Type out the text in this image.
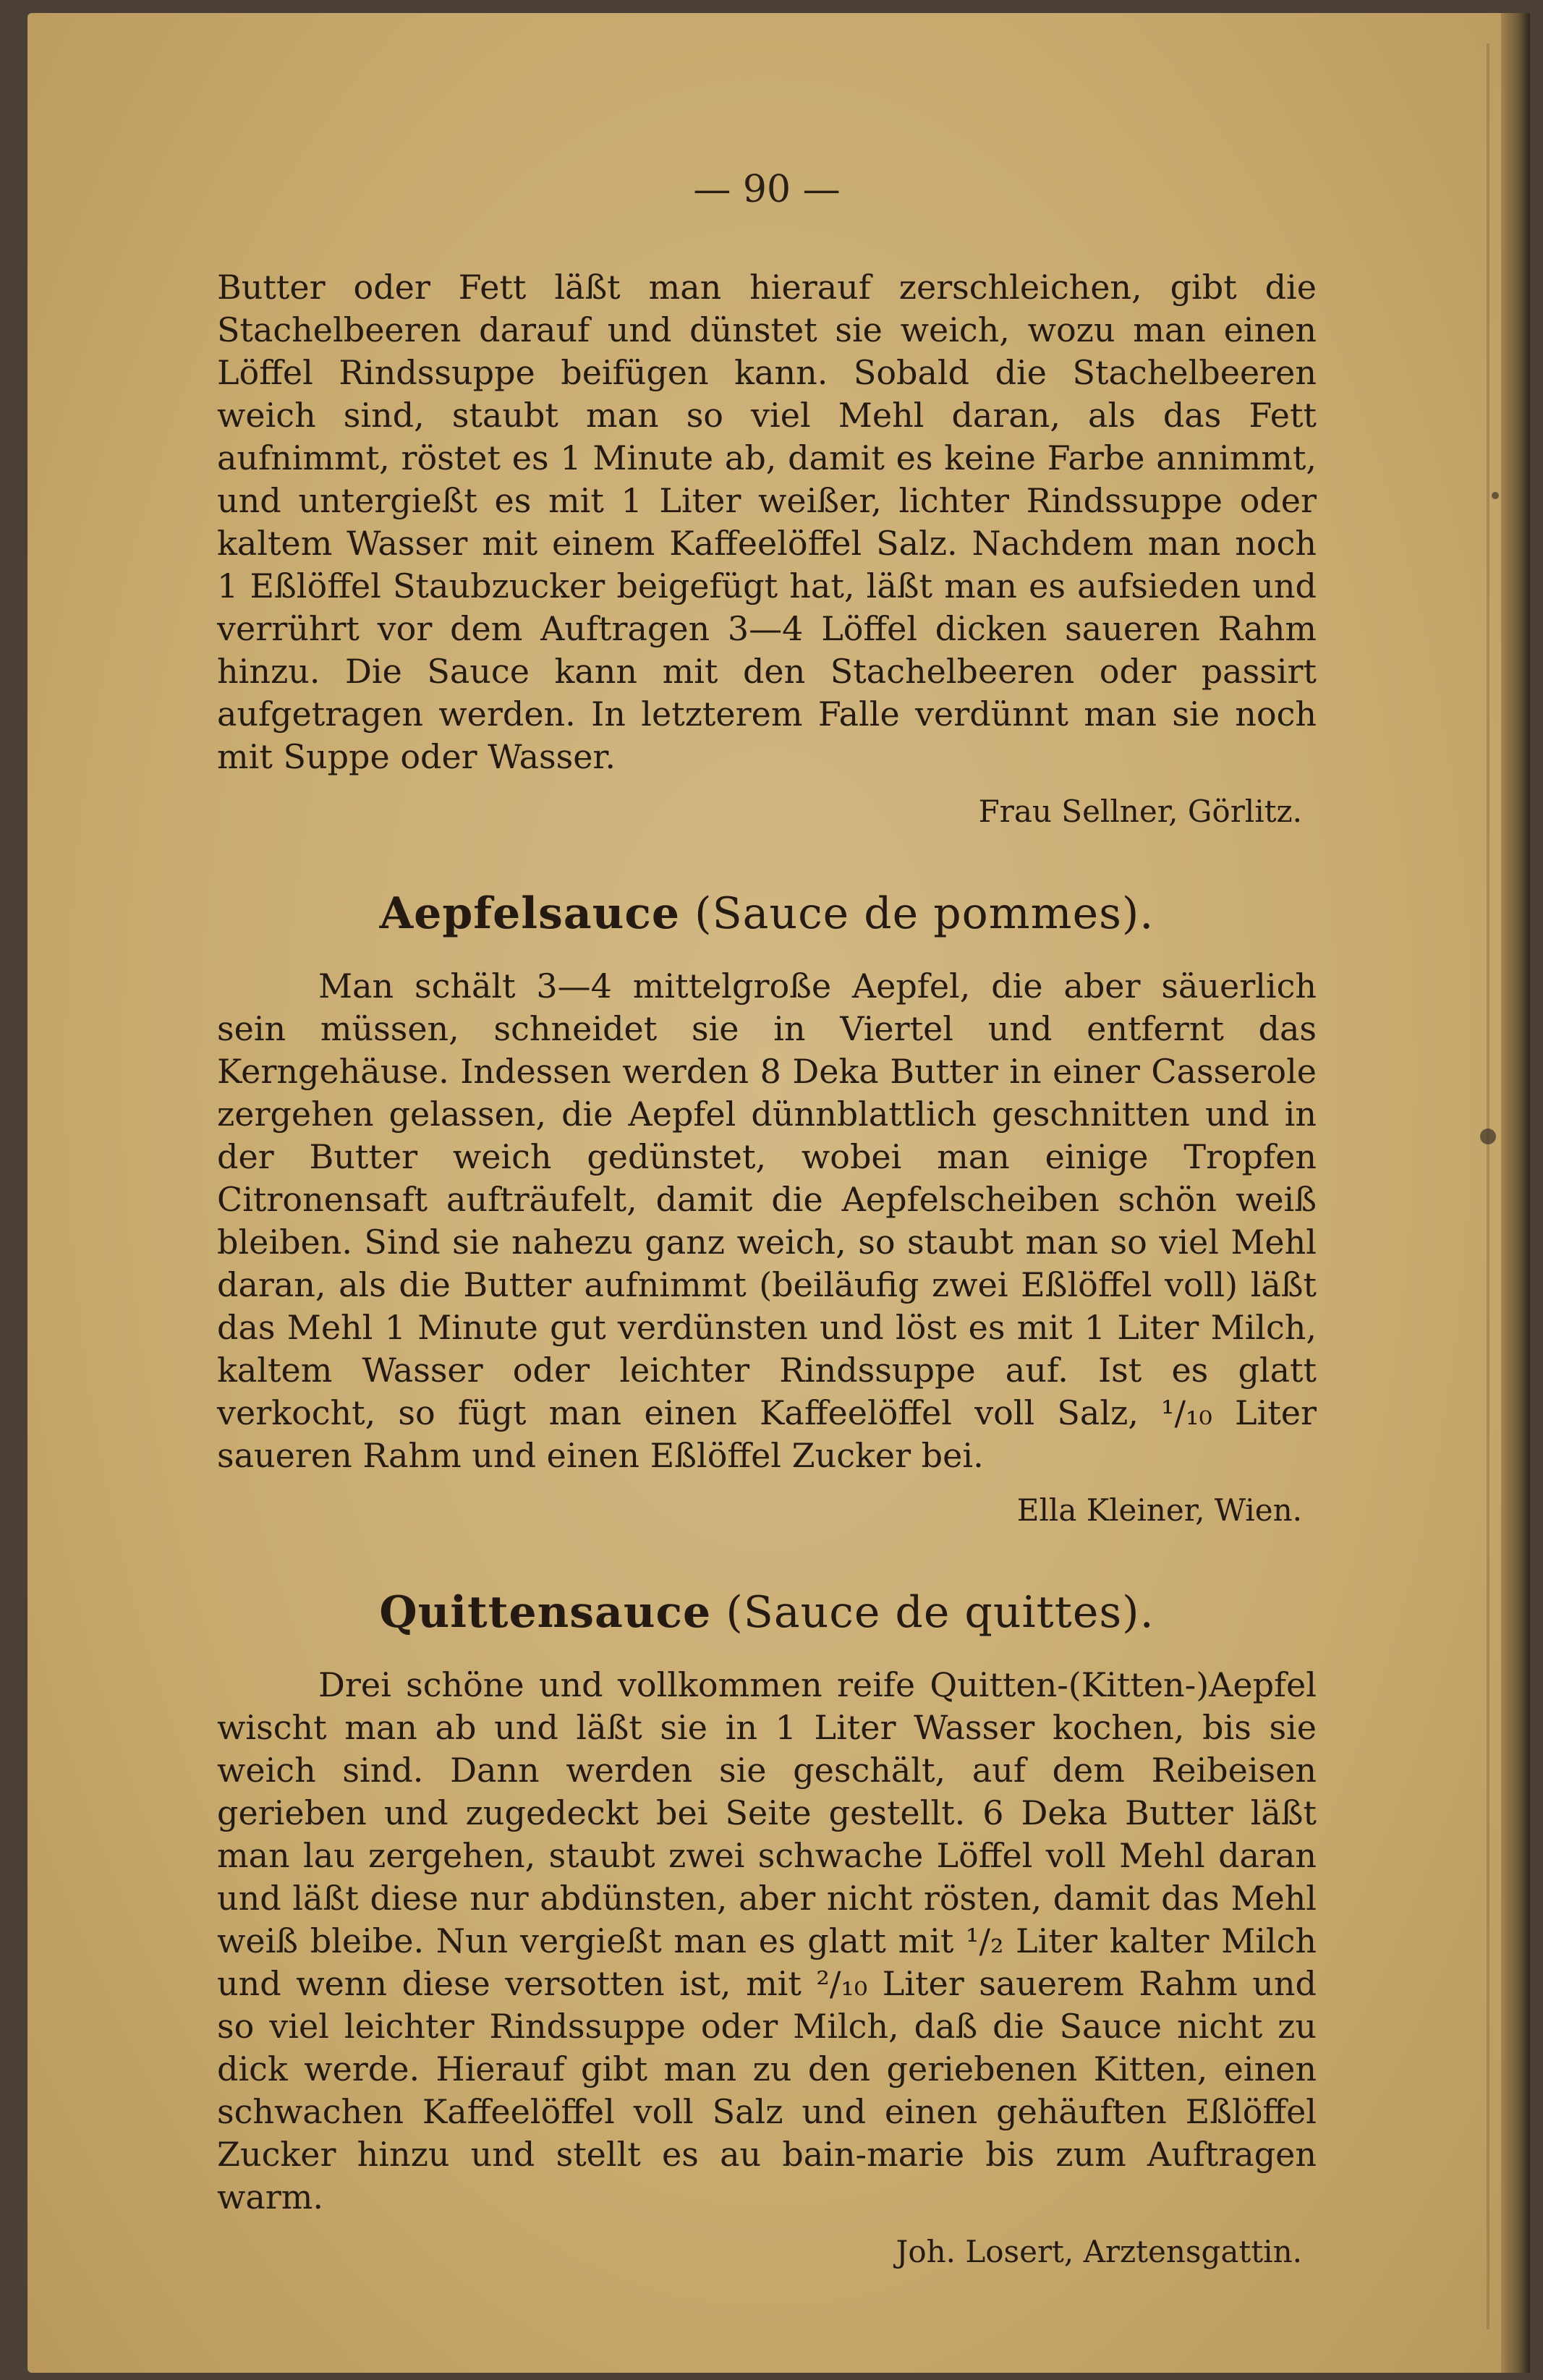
— 90 —

Butter oder Fett läßt man hierauf zerschleichen, gibt die Stachelbeeren darauf und dünstet sie weich, wozu man einen Löffel Rindssuppe beifügen kann. Sobald die Stachelbeeren weich sind, staubt man so viel Mehl daran, als das Fett aufnimmt, röstet es 1 Minute ab, damit es keine Farbe annimmt, und untergießt es mit 1 Liter weißer, lichter Rindssuppe oder kaltem Wasser mit einem Kaffeelöffel Salz. Nachdem man noch 1 Eßlöffel Staubzucker beigefügt hat, läßt man es aufsieden und verrührt vor dem Auftragen 3—4 Löffel dicken saueren Rahm hinzu. Die Sauce kann mit den Stachelbeeren oder passirt aufgetragen werden. In letzterem Falle verdünnt man sie noch mit Suppe oder Wasser.

Frau Sellner, Görlitz.

Aepfelsauce (Sauce de pommes).

Man schält 3—4 mittelgroße Aepfel, die aber säuerlich sein müssen, schneidet sie in Viertel und entfernt das Kerngehäuse. Indessen werden 8 Deka Butter in einer Casserole zergehen gelassen, die Aepfel dünnblattlich geschnitten und in der Butter weich gedünstet, wobei man einige Tropfen Citronensaft aufträufelt, damit die Aepfelscheiben schön weiß bleiben. Sind sie nahezu ganz weich, so staubt man so viel Mehl daran, als die Butter aufnimmt (beiläufig zwei Eßlöffel voll) läßt das Mehl 1 Minute gut verdünsten und löst es mit 1 Liter Milch, kaltem Wasser oder leichter Rindssuppe auf. Ist es glatt verkocht, so fügt man einen Kaffeelöffel voll Salz, ¹/₁₀ Liter saueren Rahm und einen Eßlöffel Zucker bei.

Ella Kleiner, Wien.

Quittensauce (Sauce de quittes).

Drei schöne und vollkommen reife Quitten-(Kitten-)Aepfel wischt man ab und läßt sie in 1 Liter Wasser kochen, bis sie weich sind. Dann werden sie geschält, auf dem Reibeisen gerieben und zugedeckt bei Seite gestellt. 6 Deka Butter läßt man lau zergehen, staubt zwei schwache Löffel voll Mehl daran und läßt diese nur abdünsten, aber nicht rösten, damit das Mehl weiß bleibe. Nun vergießt man es glatt mit ¹/₂ Liter kalter Milch und wenn diese versotten ist, mit ²/₁₀ Liter sauerem Rahm und so viel leichter Rindssuppe oder Milch, daß die Sauce nicht zu dick werde. Hierauf gibt man zu den geriebenen Kitten, einen schwachen Kaffeelöffel voll Salz und einen gehäuften Eßlöffel Zucker hinzu und stellt es au bain-marie bis zum Auftragen warm.

Joh. Losert, Arztensgattin.
